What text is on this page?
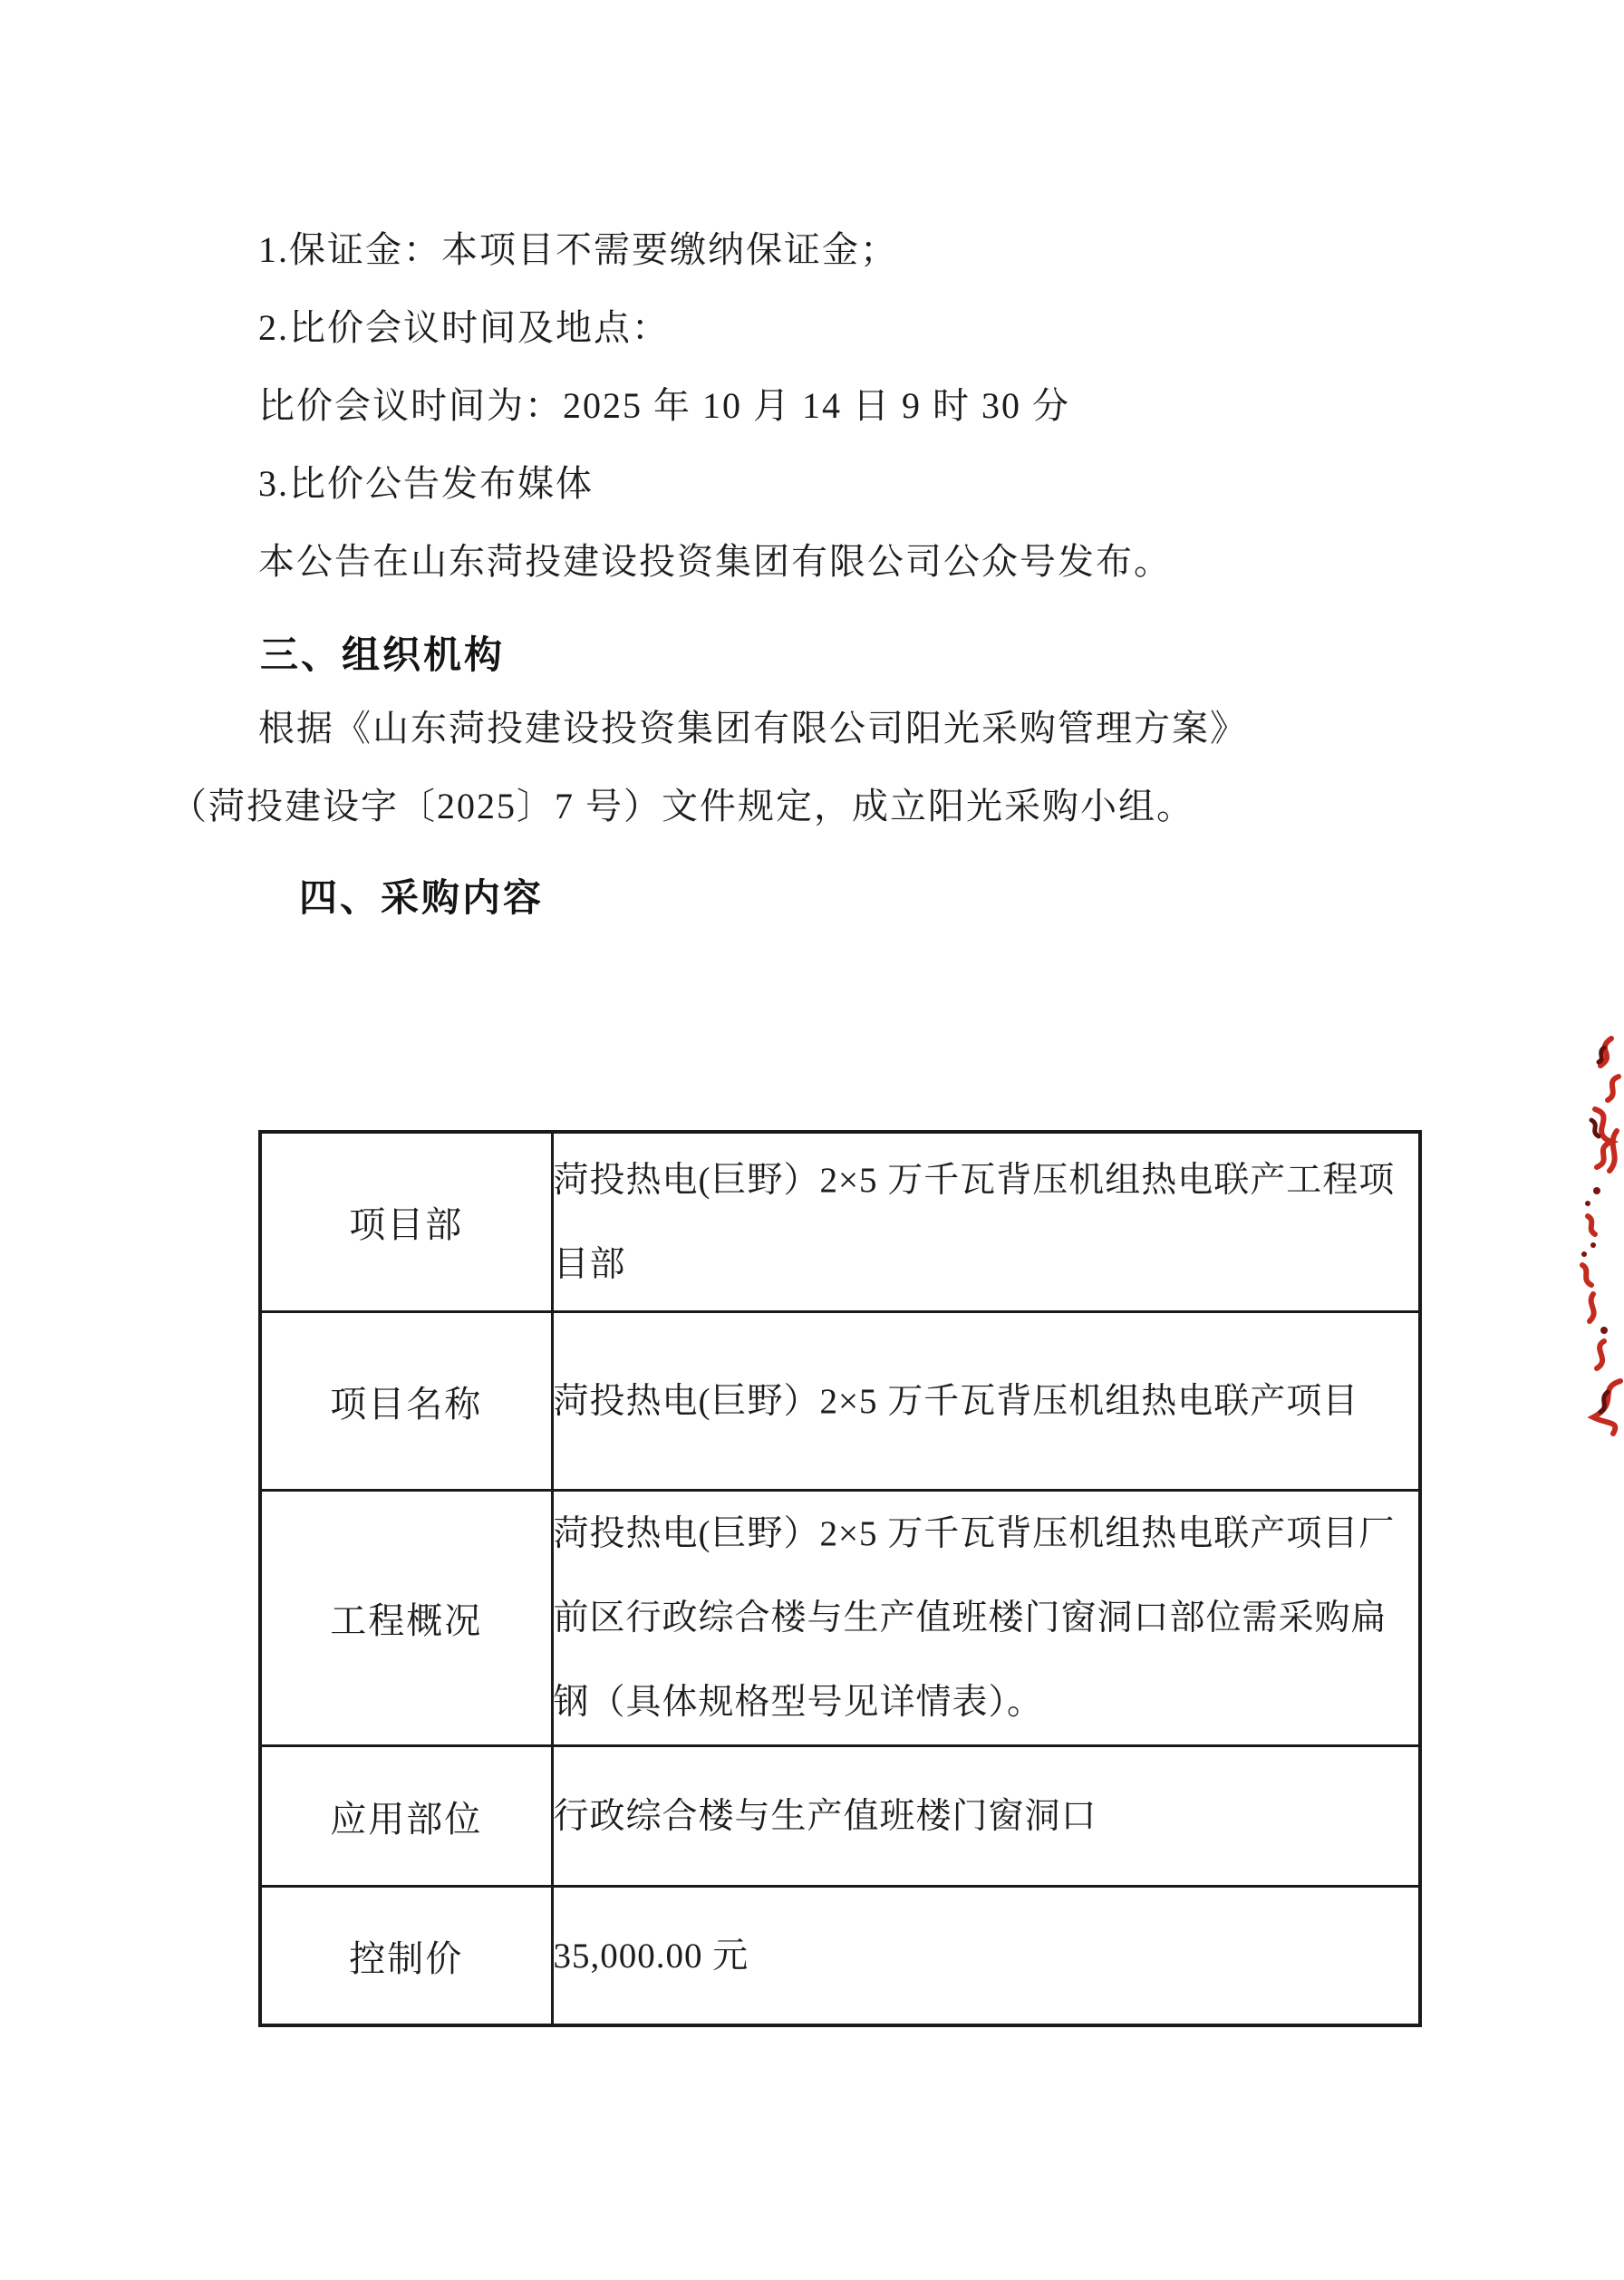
1.保证金：本项目不需要缴纳保证金；
2.比价会议时间及地点：
比价会议时间为：2025 年 10 月 14 日 9 时 30 分
3.比价公告发布媒体
本公告在山东菏投建设投资集团有限公司公众号发布。
三、组织机构
根据《山东菏投建设投资集团有限公司阳光采购管理方案》
（菏投建设字〔2025〕7 号）文件规定，成立阳光采购小组。
四、采购内容
项目部	菏投热电(巨野）2×5 万千瓦背压机组热电联产工程项目部
项目名称	菏投热电(巨野）2×5 万千瓦背压机组热电联产项目
工程概况	菏投热电(巨野）2×5 万千瓦背压机组热电联产项目厂前区行政综合楼与生产值班楼门窗洞口部位需采购扁钢（具体规格型号见详情表）。
应用部位	行政综合楼与生产值班楼门窗洞口
控制价	35,000.00 元
